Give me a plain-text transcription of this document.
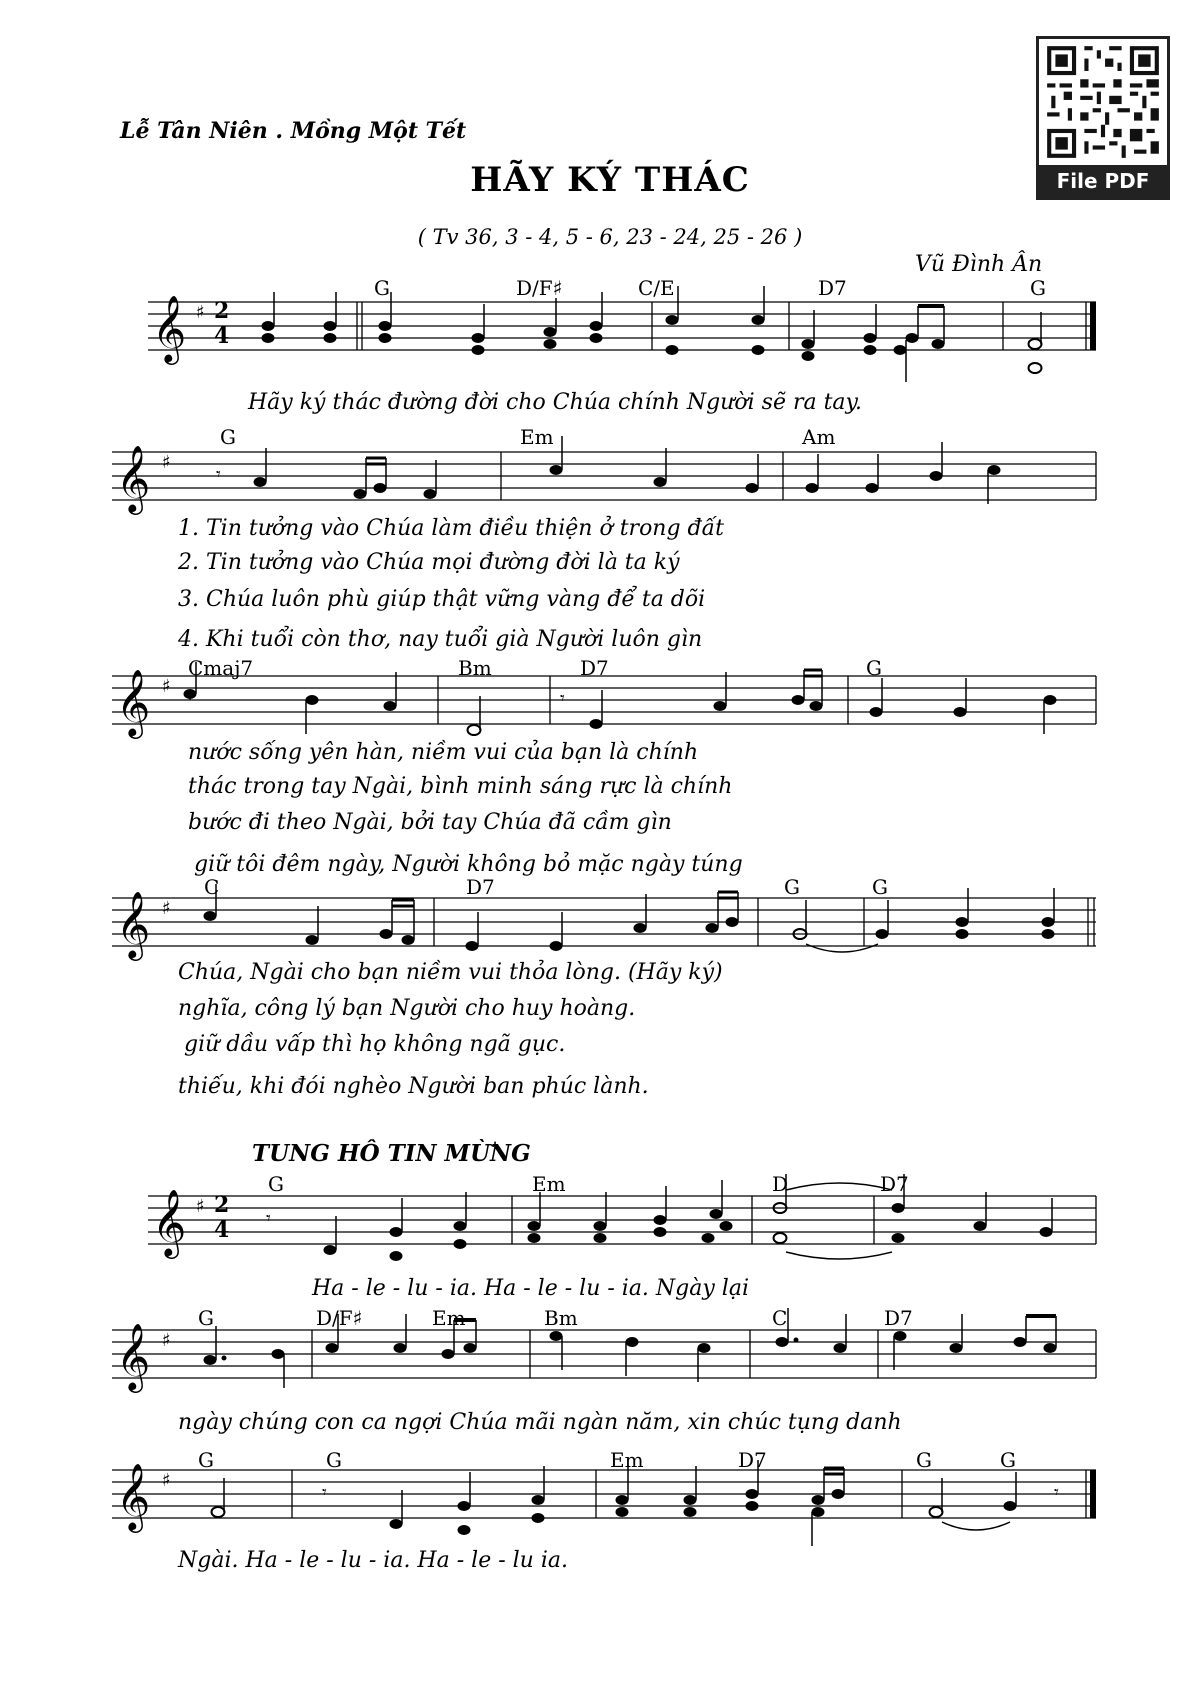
Lễ Tân Niên . Mồng Một Tết
HÃY KÝ THÁC
( Tv 36, 3 - 4, 5 - 6, 23 - 24, 25 - 26 )
Vũ Đình Ân
File PDF
G	D/F♯	C/E	D7	G
𝄞 ♯ 2
4
Hãy ký thác đường đời cho Chúa chính Người sẽ ra tay.
G	Em	Am
𝄞 ♯
𝄾
1. Tin tưởng vào Chúa làm điều thiện ở trong đất
2. Tin tưởng vào Chúa mọi đường đời là ta ký
3. Chúa luôn phù giúp thật vững vàng để ta dõi
4. Khi tuổi còn thơ, nay tuổi già Người luôn gìn
Cmaj7	Bm	D7	G
𝄞 ♯
𝄾
nước sống yên hàn, niềm vui của bạn là chính
thác trong tay Ngài, bình minh sáng rực là chính
bước đi theo Ngài, bởi tay Chúa đã cầm gìn
giữ tôi đêm ngày, Người không bỏ mặc ngày túng
C	D7	G	G
𝄞 ♯
Chúa, Ngài cho bạn niềm vui thỏa lòng. (Hãy ký)
nghĩa, công lý bạn Người cho huy hoàng.
giữ dầu vấp thì họ không ngã gục.
thiếu, khi đói nghèo Người ban phúc lành.
TUNG HÔ TIN MỪNG
G	Em	D	D7
𝄞 ♯ 2
4 𝄾
Ha - le - lu - ia. Ha - le - lu - ia. Ngày lại
G	D/F♯	Em	Bm	C	D7
𝄞 ♯
ngày chúng con ca ngợi Chúa mãi ngàn năm, xin chúc tụng danh
G	G	Em	D7	G	G
𝄞 ♯
𝄾	𝄾
Ngài. Ha - le - lu - ia. Ha - le - lu ia.
